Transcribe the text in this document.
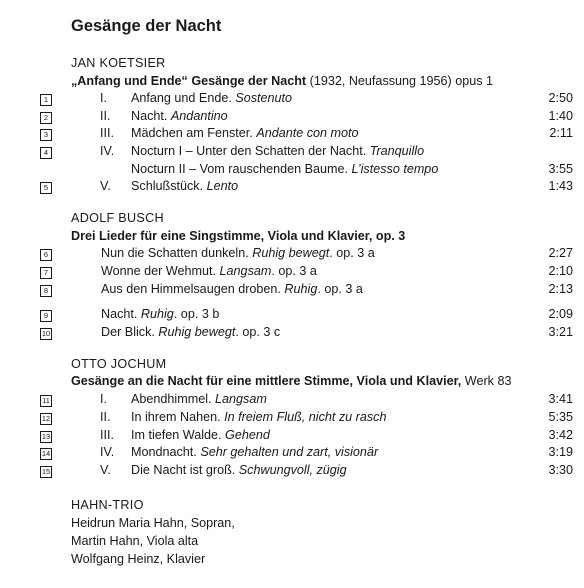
Gesänge der Nacht
JAN KOETSIER
„Anfang und Ende“ Gesänge der Nacht (1932, Neufassung 1956) opus 1
1	I. Anfang und Ende. Sostenuto	2:50
2	II. Nacht. Andantino	1:40
3	III. Mädchen am Fenster. Andante con moto	2:11
4	IV. Nocturn I – Unter den Schatten der Nacht. Tranquillo
Nocturn II – Vom rauschenden Baume. L’istesso tempo	3:55
5	V. Schlußstück. Lento	1:43
ADOLF BUSCH
Drei Lieder für eine Singstimme, Viola und Klavier, op. 3
6	Nun die Schatten dunkeln. Ruhig bewegt. op. 3 a	2:27
7	Wonne der Wehmut. Langsam. op. 3 a	2:10
8	Aus den Himmelsaugen droben. Ruhig. op. 3 a	2:13
9	Nacht. Ruhig. op. 3 b	2:09
10	Der Blick. Ruhig bewegt. op. 3 c	3:21
OTTO JOCHUM
Gesänge an die Nacht für eine mittlere Stimme, Viola und Klavier, Werk 83
11	I. Abendhimmel. Langsam	3:41
12	II. In ihrem Nahen. In freiem Fluß, nicht zu rasch	5:35
13	III. Im tiefen Walde. Gehend	3:42
14	IV. Mondnacht. Sehr gehalten und zart, visionär	3:19
15	V. Die Nacht ist groß. Schwungvoll, zügig	3:30
HAHN-TRIO
Heidrun Maria Hahn, Sopran,
Martin Hahn, Viola alta
Wolfgang Heinz, Klavier
